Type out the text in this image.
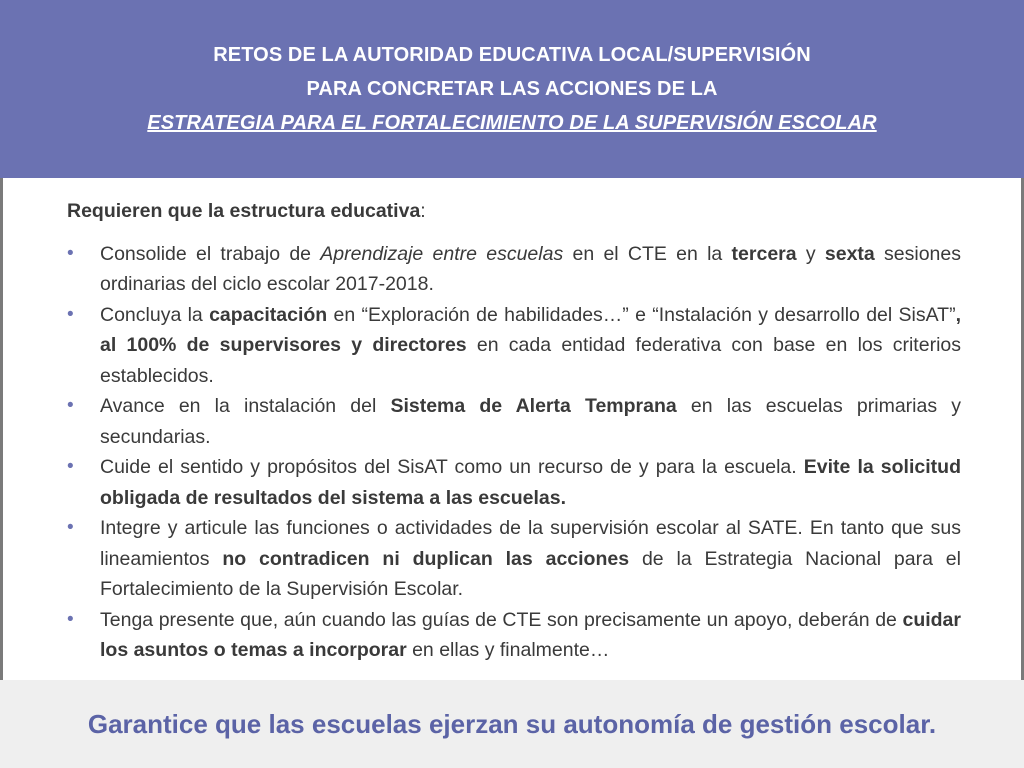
RETOS DE LA AUTORIDAD EDUCATIVA LOCAL/SUPERVISIÓN
PARA CONCRETAR LAS ACCIONES DE LA
ESTRATEGIA PARA EL FORTALECIMIENTO DE LA SUPERVISIÓN ESCOLAR

Requieren que la estructura educativa:

• Consolide el trabajo de Aprendizaje entre escuelas en el CTE en la tercera y sexta sesiones ordinarias del ciclo escolar 2017-2018.
• Concluya la capacitación en “Exploración de habilidades…” e “Instalación y desarrollo del SisAT”, al 100% de supervisores y directores en cada entidad federativa con base en los criterios establecidos.
• Avance en la instalación del Sistema de Alerta Temprana en las escuelas primarias y secundarias.
• Cuide el sentido y propósitos del SisAT como un recurso de y para la escuela. Evite la solicitud obligada de resultados del sistema a las escuelas.
• Integre y articule las funciones o actividades de la supervisión escolar al SATE. En tanto que sus lineamientos no contradicen ni duplican las acciones de la Estrategia Nacional para el Fortalecimiento de la Supervisión Escolar.
• Tenga presente que, aún cuando las guías de CTE son precisamente un apoyo, deberán de cuidar los asuntos o temas a incorporar en ellas y finalmente…
Garantice que las escuelas ejerzan su autonomía de gestión escolar.
